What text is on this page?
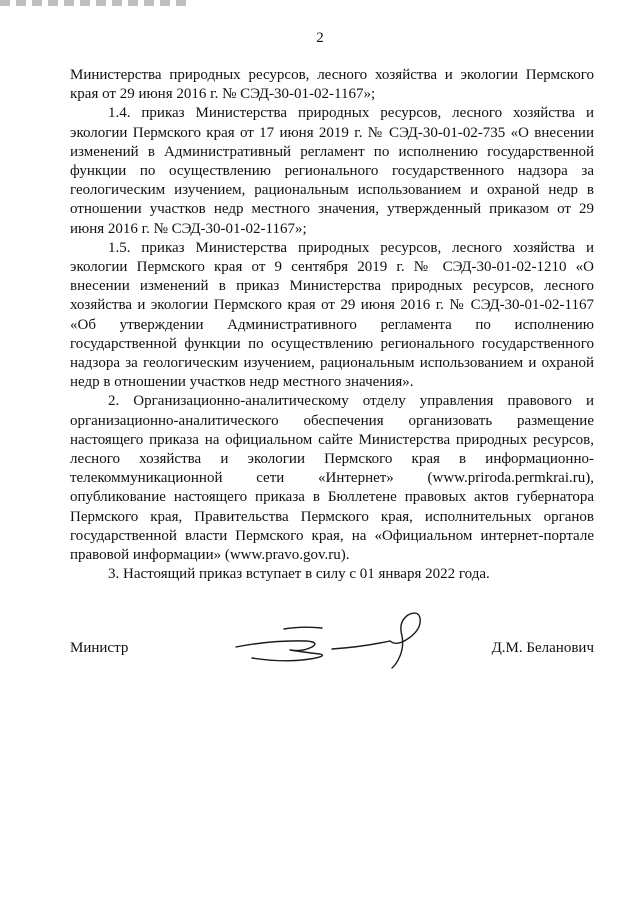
2

Министерства природных ресурсов, лесного хозяйства и экологии Пермского края от 29 июня 2016 г. № СЭД-30-01-02-1167»;

1.4. приказ Министерства природных ресурсов, лесного хозяйства и экологии Пермского края от 17 июня 2019 г. № СЭД-30-01-02-735 «О внесении изменений в Административный регламент по исполнению государственной функции по осуществлению регионального государственного надзора за геологическим изучением, рациональным использованием и охраной недр в отношении участков недр местного значения, утвержденный приказом от 29 июня 2016 г. № СЭД-30-01-02-1167»;

1.5. приказ Министерства природных ресурсов, лесного хозяйства и экологии Пермского края от 9 сентября 2019 г. № СЭД-30-01-02-1210 «О внесении изменений в приказ Министерства природных ресурсов, лесного хозяйства и экологии Пермского края от 29 июня 2016 г. № СЭД-30-01-02-1167 «Об утверждении Административного регламента по исполнению государственной функции по осуществлению регионального государственного надзора за геологическим изучением, рациональным использованием и охраной недр в отношении участков недр местного значения».

2. Организационно-аналитическому отделу управления правового и организационно-аналитического обеспечения организовать размещение настоящего приказа на официальном сайте Министерства природных ресурсов, лесного хозяйства и экологии Пермского края в информационно-телекоммуникационной сети «Интернет» (www.priroda.permkrai.ru), опубликование настоящего приказа в Бюллетене правовых актов губернатора Пермского края, Правительства Пермского края, исполнительных органов государственной власти Пермского края, на «Официальном интернет-портале правовой информации» (www.pravo.gov.ru).

3. Настоящий приказ вступает в силу с 01 января 2022 года.

Министр	Д.М. Беланович
